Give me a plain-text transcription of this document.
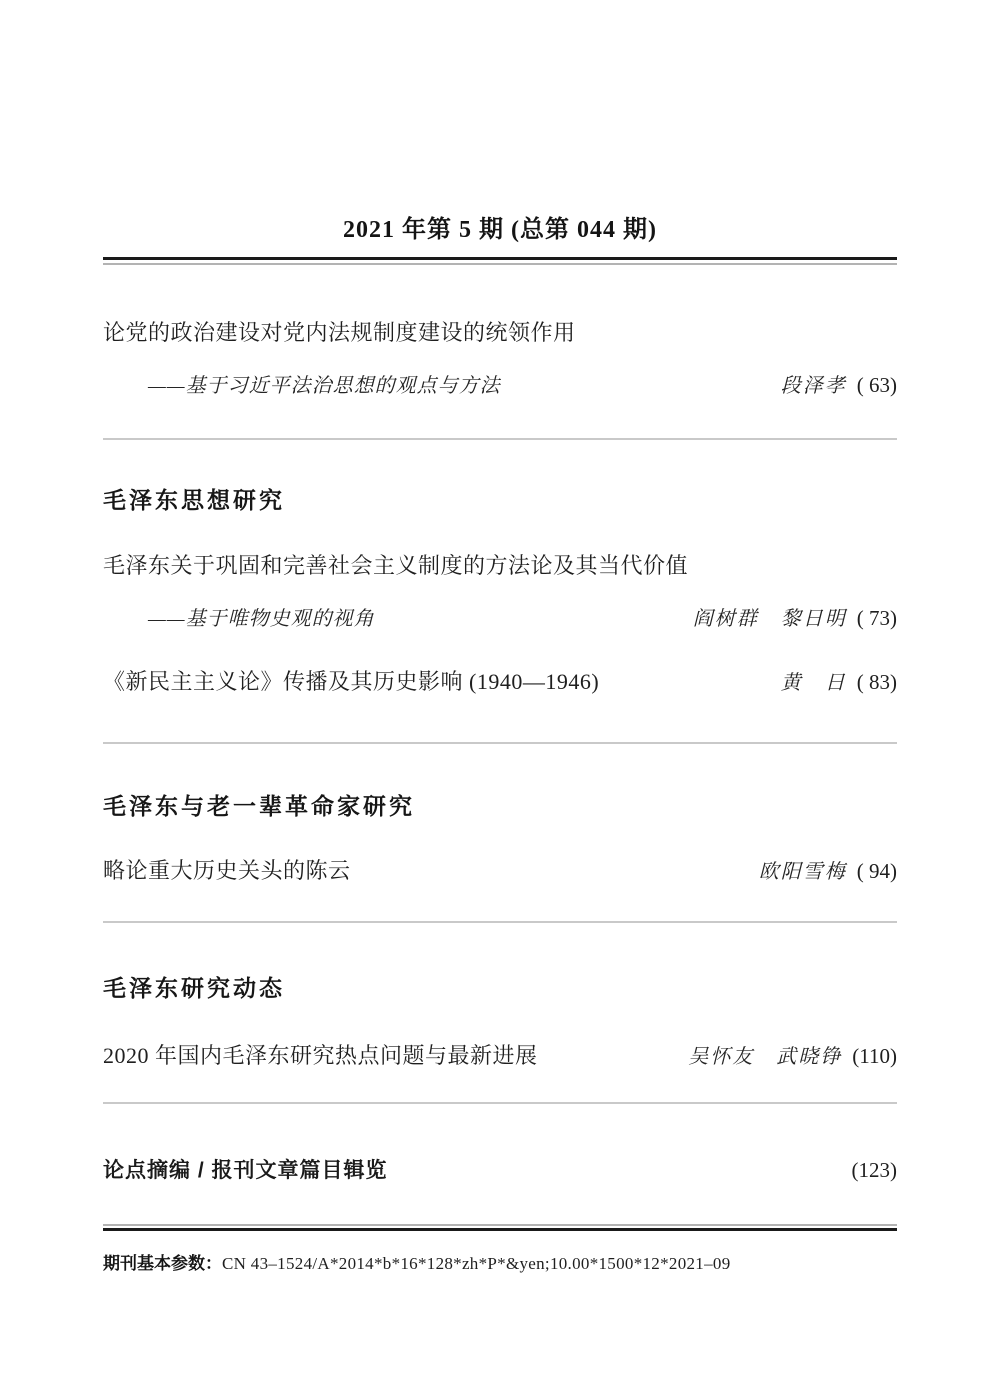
2021 年第 5 期 (总第 044 期)
论党的政治建设对党内法规制度建设的统领作用
——基于习近平法治思想的观点与方法	段泽孝 ( 63)
毛泽东思想研究
毛泽东关于巩固和完善社会主义制度的方法论及其当代价值
——基于唯物史观的视角	阎树群　黎日明 ( 73)
《新民主主义论》传播及其历史影响 (1940—1946)	黄　日 ( 83)
毛泽东与老一辈革命家研究
略论重大历史关头的陈云	欧阳雪梅 ( 94)
毛泽东研究动态
2020 年国内毛泽东研究热点问题与最新进展	吴怀友　武晓铮 (110)
论点摘编 / 报刊文章篇目辑览	(123)
期刊基本参数：CN 43–1524/A*2014*b*16*128*zh*P*&yen;10.00*1500*12*2021–09
